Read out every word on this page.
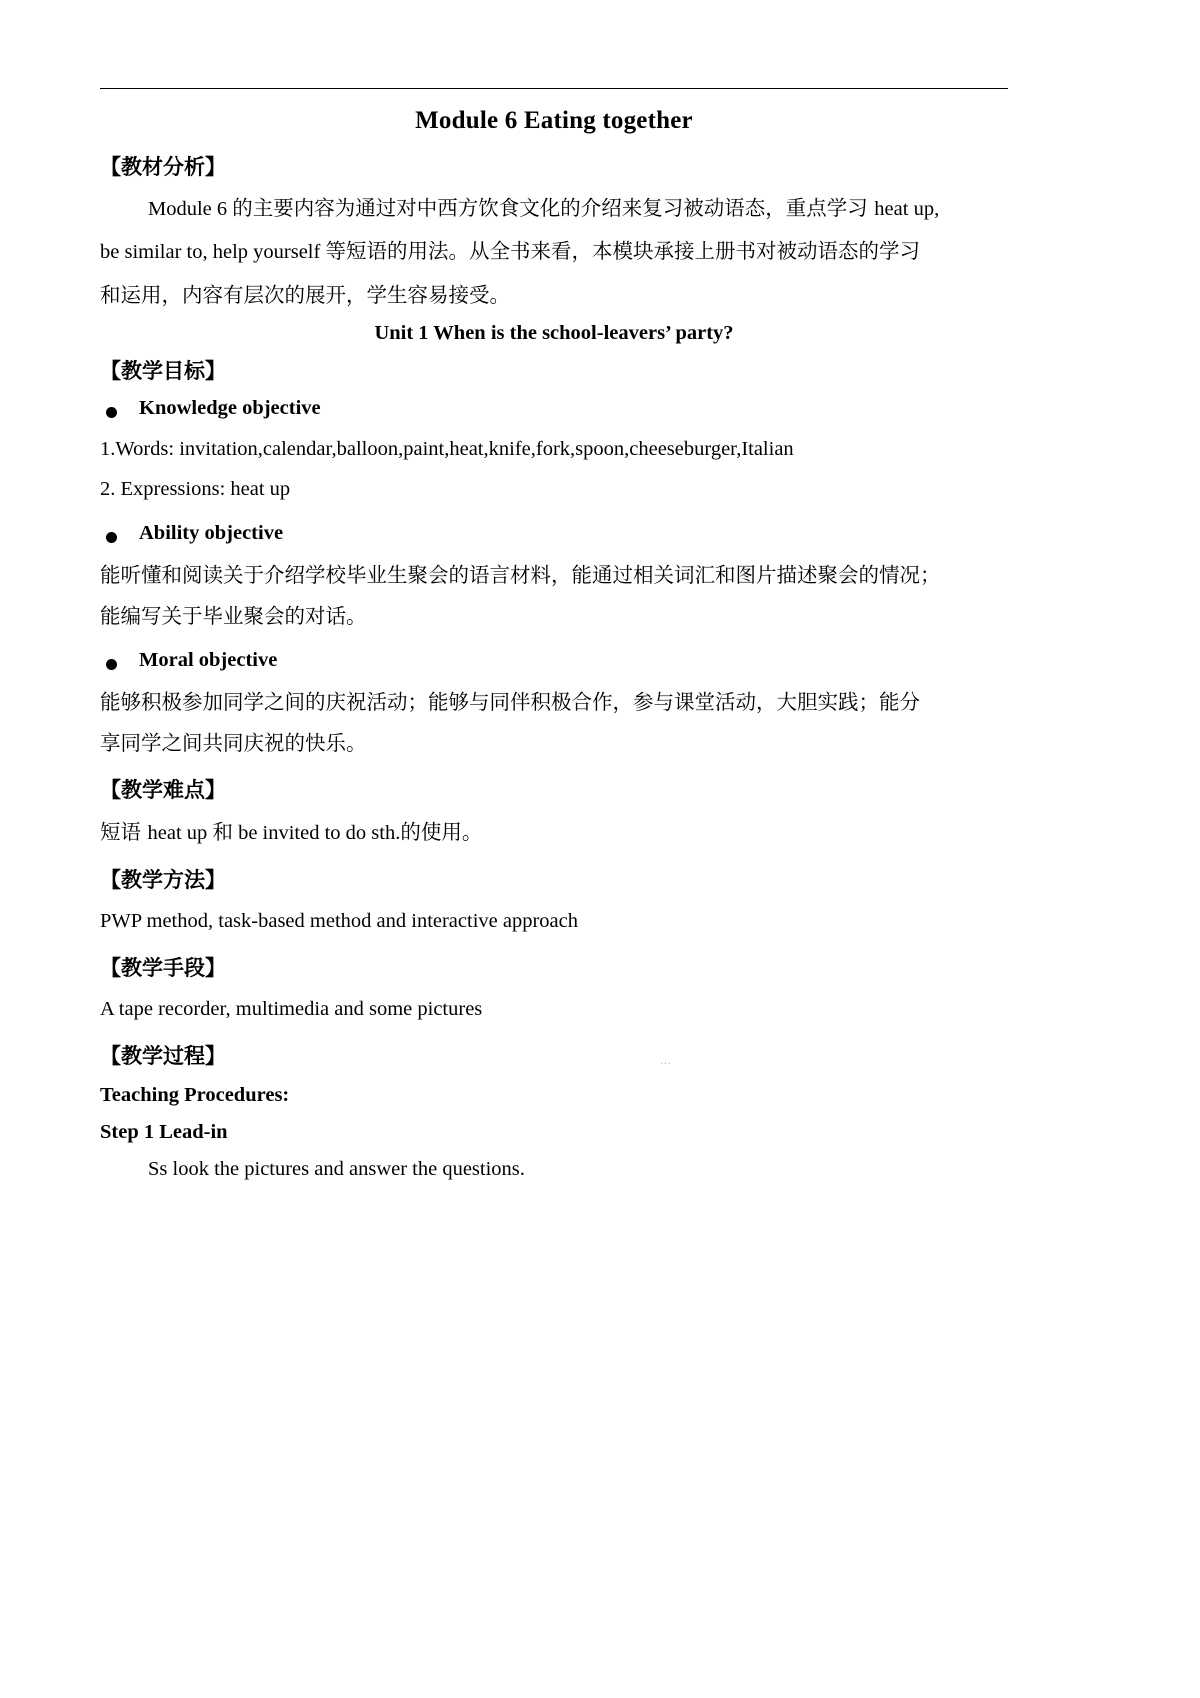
Module 6 Eating together
【教材分析】

Module 6 的主要内容为通过对中西方饮食文化的介绍来复习被动语态，重点学习 heat up,

be similar to, help yourself 等短语的用法。从全书来看，本模块承接上册书对被动语态的学习

和运用，内容有层次的展开，学生容易接受。

Unit 1 When is the school-leavers’ party?
【教学目标】
Knowledge objective

1.Words: invitation,calendar,balloon,paint,heat,knife,fork,spoon,cheeseburger,Italian

2. Expressions: heat up

Ability objective

能听懂和阅读关于介绍学校毕业生聚会的语言材料，能通过相关词汇和图片描述聚会的情况；

能编写关于毕业聚会的对话。

Moral objective

能够积极参加同学之间的庆祝活动；能够与同伴积极合作，参与课堂活动，大胆实践；能分

享同学之间共同庆祝的快乐。

【教学难点】

短语 heat up 和 be invited to do sth.的使用。

【教学方法】

PWP method, task-based method and interactive approach

【教学手段】

A tape recorder, multimedia and some pictures

【教学过程】
Teaching Procedures:
Step 1 Lead-in

Ss look the pictures and answer the questions.

…
